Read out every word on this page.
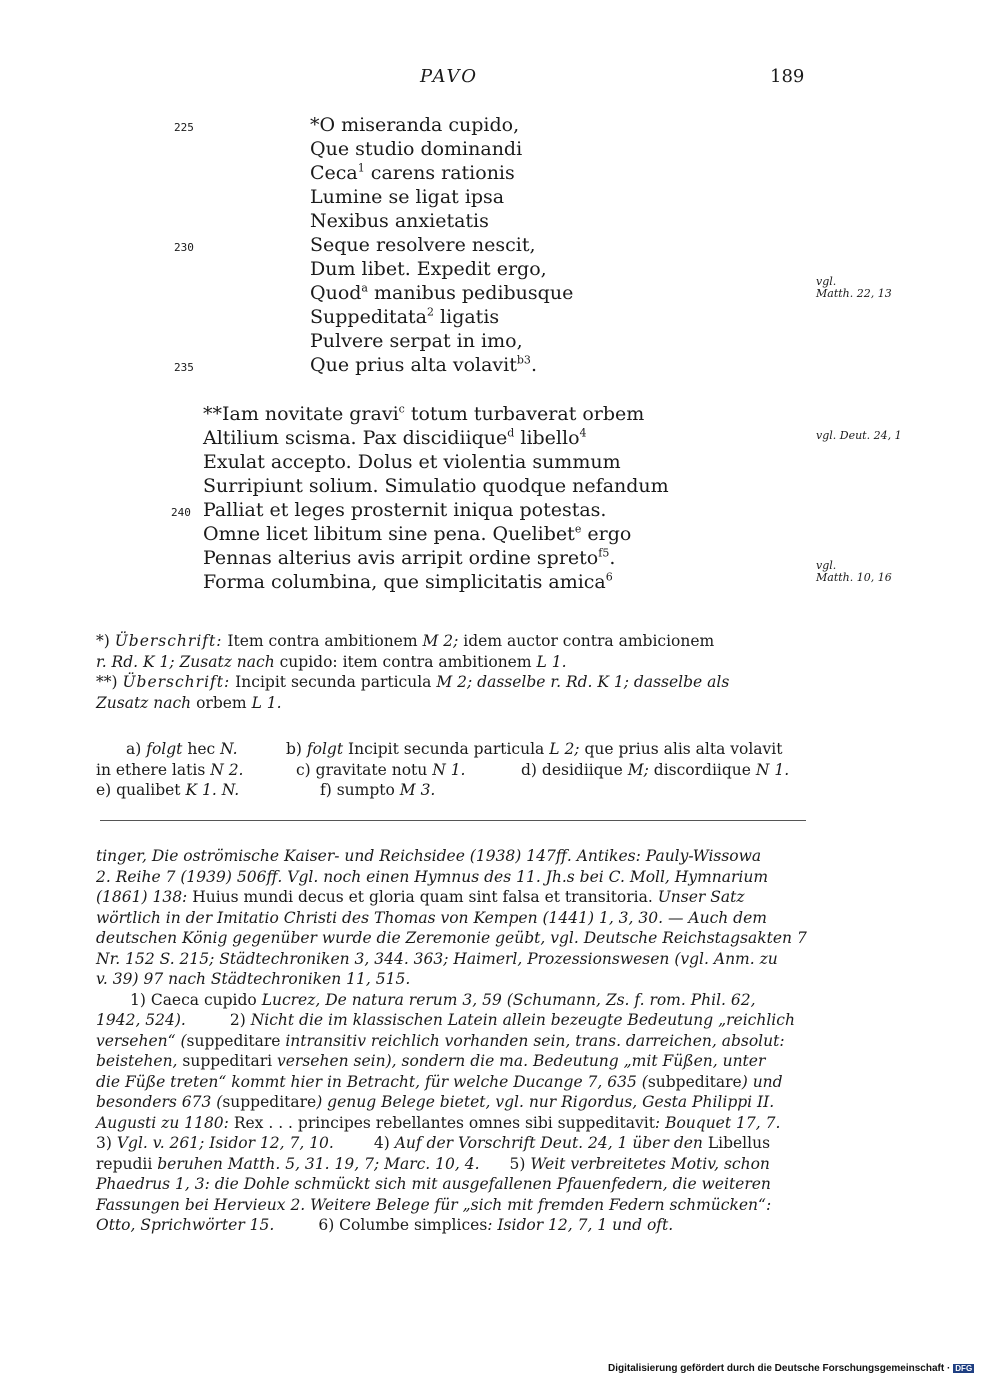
PAVO	189
225	*O miseranda cupido,
Que studio dominandi
Ceca$^1$ carens rationis
Lumine se ligat ipsa
Nexibus anxietatis
230	Seque resolvere nescit,
Dum libet. Expedit ergo,
Quod$^a$ manibus pedibusque
Suppeditata$^2$ ligatis
Pulvere serpat in imo,
235	Que prius alta volavit$^{b3}$.
vgl.
Matth. 22, 13
**Iam novitate gravi$^c$ totum turbaverat orbem
Altilium scisma. Pax discidiique$^d$ libello$^4$
Exulat accepto. Dolus et violentia summum
Surripiunt solium. Simulatio quodque nefandum
240 Palliat et leges prosternit iniqua potestas.
Omne licet libitum sine pena. Quelibet$^e$ ergo
Pennas alterius avis arripit ordine spreto$^{f5}$.
Forma columbina, que simplicitatis amica$^6$
vgl. Deut. 24, 1
vgl.
Matth. 10, 16

*) Überschrift: Item contra ambitionem M 2; idem auctor contra ambicionem

r. Rd. K 1; Zusatz nach cupido: item contra ambitionem L 1.

**) Überschrift: Incipit secunda particula M 2; dasselbe r. Rd. K 1; dasselbe als

Zusatz nach orbem L 1.

a) folgt hec N.	b) folgt Incipit secunda particula L 2; que prius alis alta volavit
in ethere latis N 2.	c) gravitate notu N 1.	d) desidiique M; discordiique N 1.
e) qualibet K 1. N.	f) sumpto M 3.

tinger, Die oströmische Kaiser- und Reichsidee (1938) 147ff. Antikes: Pauly-Wissowa

2. Reihe 7 (1939) 506ff. Vgl. noch einen Hymnus des 11. Jh.s bei C. Moll, Hymnarium

(1861) 138: Huius mundi decus et gloria quam sint falsa et transitoria. Unser Satz

wörtlich in der Imitatio Christi des Thomas von Kempen (1441) 1, 3, 30. — Auch dem

deutschen König gegenüber wurde die Zeremonie geübt, vgl. Deutsche Reichstagsakten 7

Nr. 152 S. 215; Städtechroniken 3, 344. 363; Haimerl, Prozessionswesen (vgl. Anm. zu

v. 39) 97 nach Städtechroniken 11, 515.

1) Caeca cupido Lucrez, De natura rerum 3, 59 (Schumann, Zs. f. rom. Phil. 62,

1942, 524).	2) Nicht die im klassischen Latein allein bezeugte Bedeutung „reichlich

versehen“ (suppeditare intransitiv reichlich vorhanden sein, trans. darreichen, absolut:

beistehen, suppeditari versehen sein), sondern die ma. Bedeutung „mit Füßen, unter

die Füße treten“ kommt hier in Betracht, für welche Ducange 7, 635 (subpeditare) und

besonders 673 (suppeditare) genug Belege bietet, vgl. nur Rigordus, Gesta Philippi II.

Augusti zu 1180: Rex . . . principes rebellantes omnes sibi suppeditavit: Bouquet 17, 7.

3) Vgl. v. 261; Isidor 12, 7, 10.	4) Auf der Vorschrift Deut. 24, 1 über den Libellus

repudii beruhen Matth. 5, 31. 19, 7; Marc. 10, 4. 5) Weit verbreitetes Motiv, schon

Phaedrus 1, 3: die Dohle schmückt sich mit ausgefallenen Pfauenfedern, die weiteren

Fassungen bei Hervieux 2. Weitere Belege für „sich mit fremden Federn schmücken“:

Otto, Sprichwörter 15.	6) Columbe simplices: Isidor 12, 7, 1 und oft.

Digitalisierung gefördert durch die Deutsche Forschungsgemeinschaft · DFG
